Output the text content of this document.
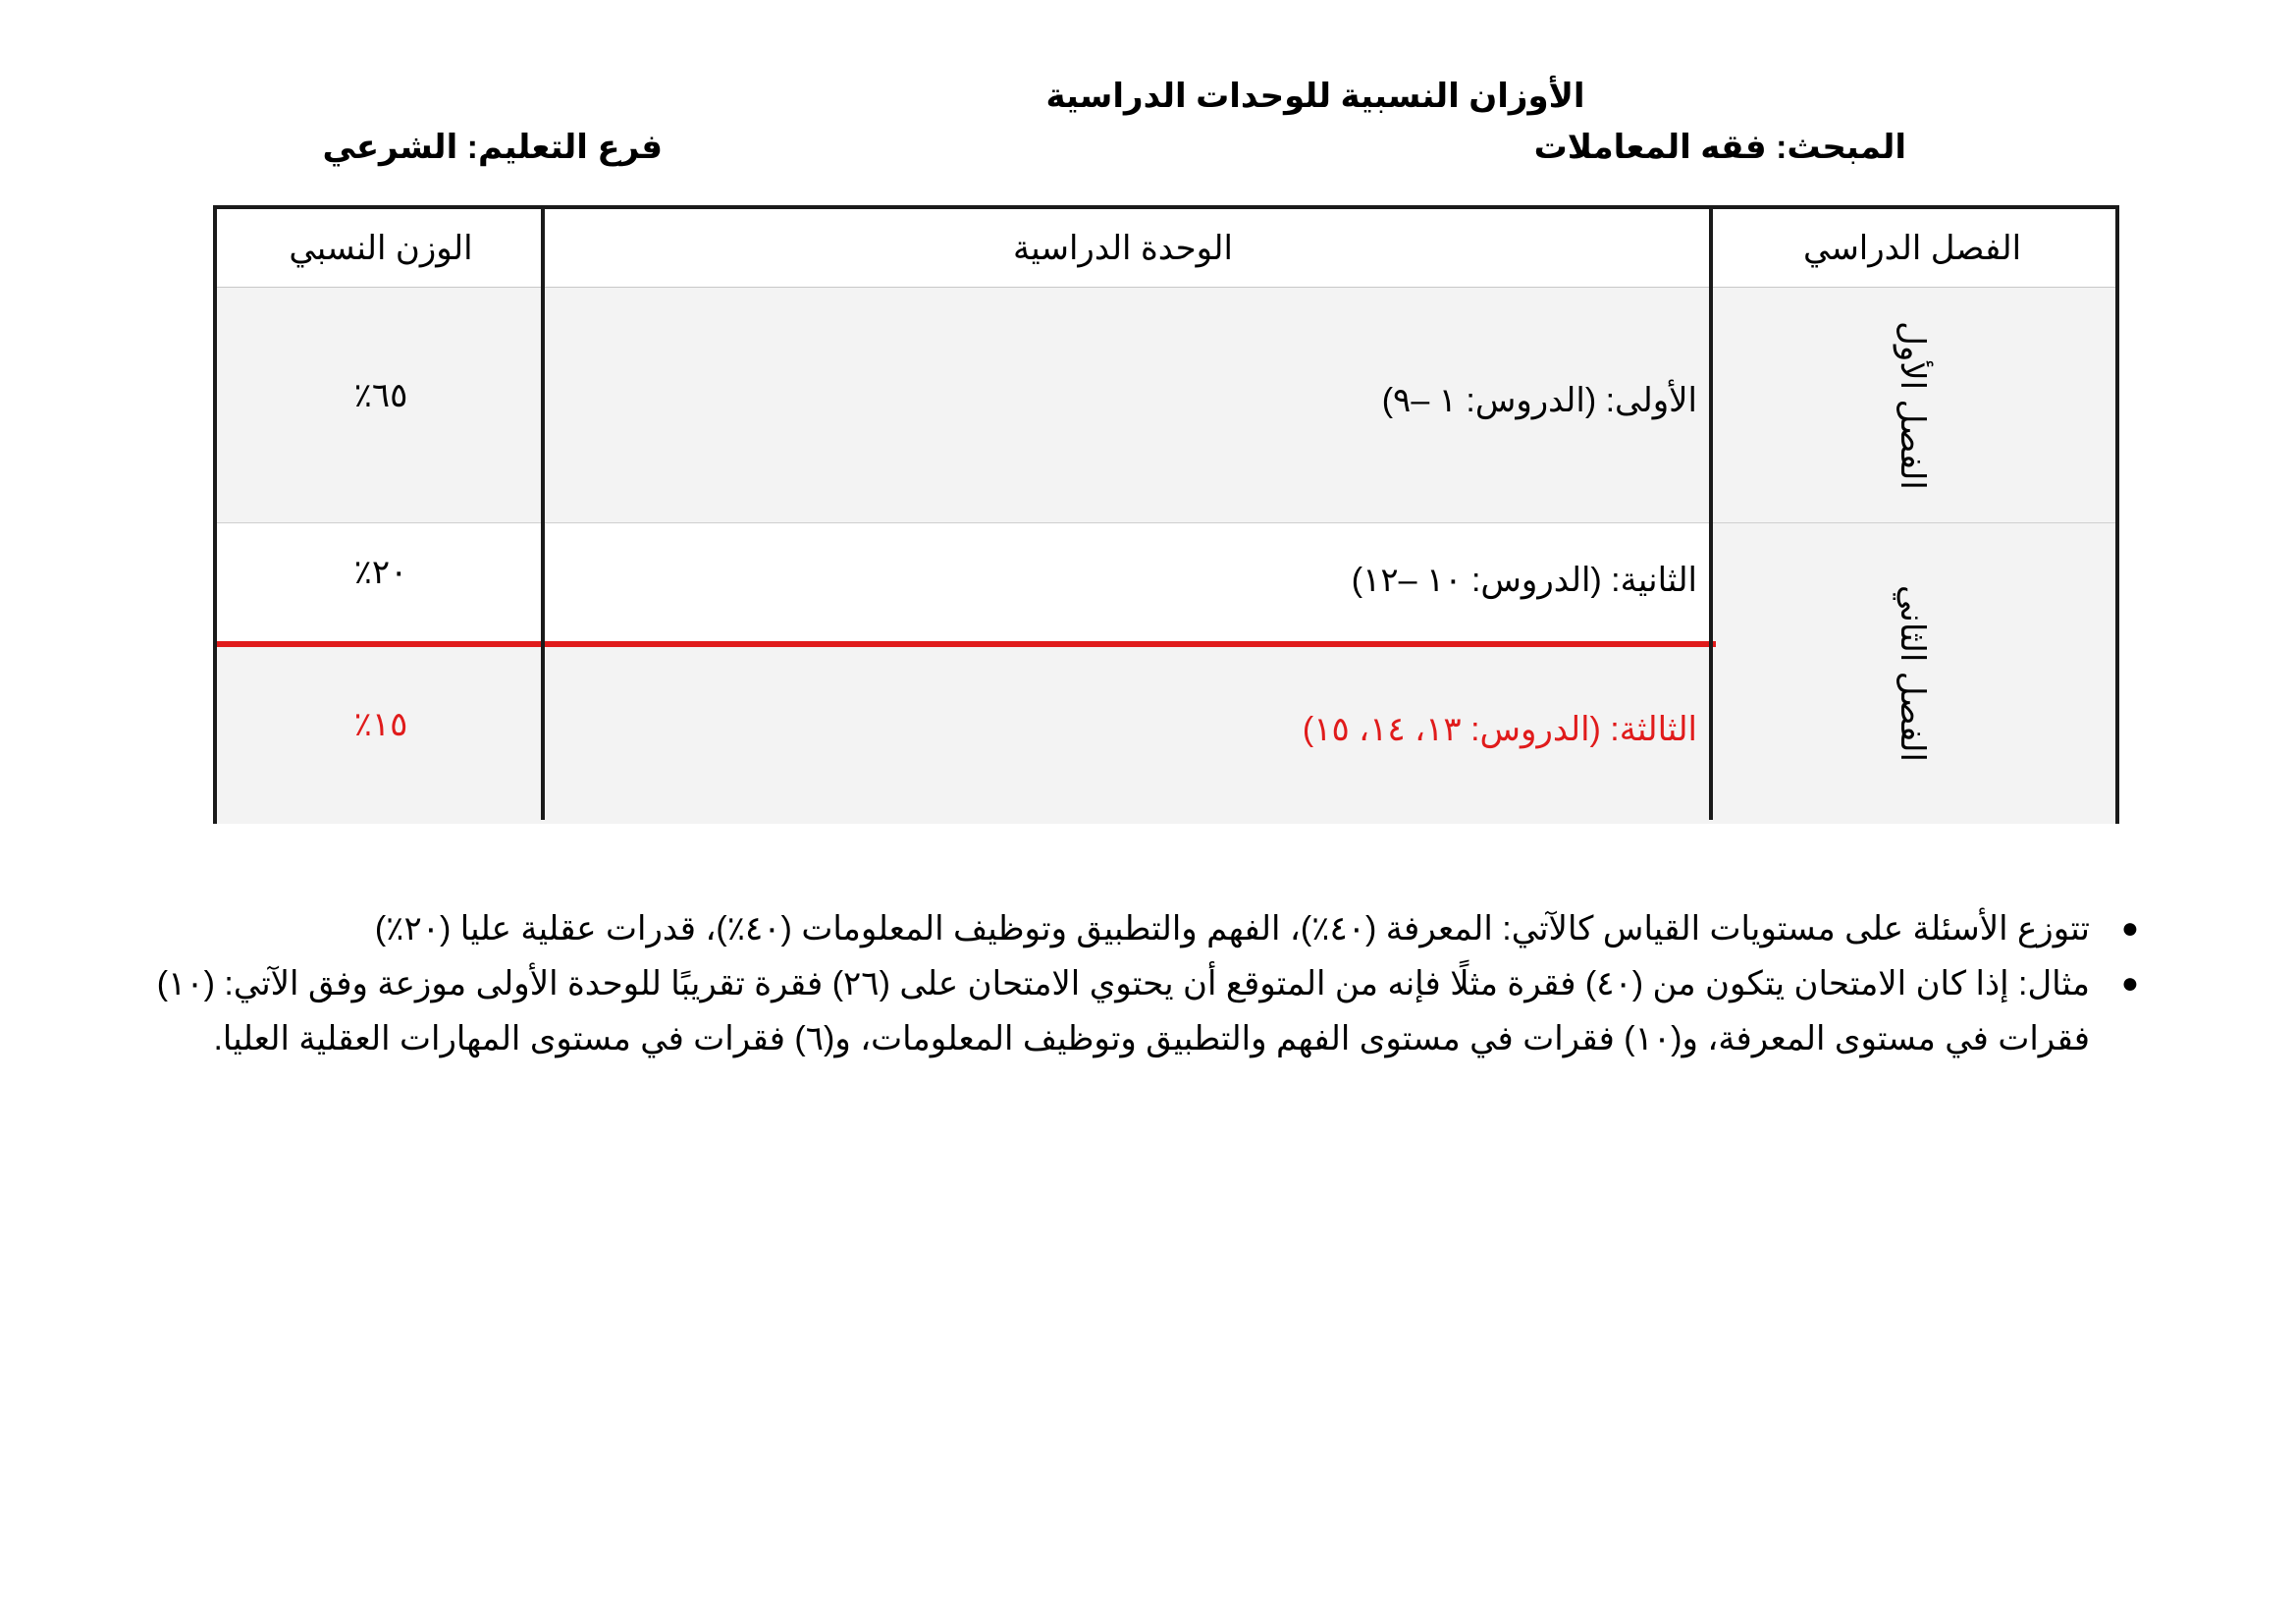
الأوزان النسبية للوحدات الدراسية
المبحث: فقه المعاملات
فرع التعليم: الشرعي
الفصل الأول
الفصل الثاني
الفصل الدراسي
الوحدة الدراسية
الوزن النسبي
الأولى: (الدروس: ١ –٩)
الثانية: (الدروس: ١٠ –١٢)
الثالثة: (الدروس: ١٣، ١٤، ١٥)
٦٥٪
٢٠٪
١٥٪
●
تتوزع الأسئلة على مستويات القياس كالآتي: المعرفة (٤٠٪)، الفهم والتطبيق وتوظيف المعلومات (٤٠٪)، قدرات عقلية عليا (٢٠٪)
●
مثال: إذا كان الامتحان يتكون من (٤٠) فقرة مثلًا فإنه من المتوقع أن يحتوي الامتحان على (٢٦) فقرة تقريبًا للوحدة الأولى موزعة وفق الآتي: (١٠) فقرات في مستوى المعرفة، و(١٠) فقرات في مستوى الفهم والتطبيق وتوظيف المعلومات، و(٦) فقرات في مستوى المهارات العقلية العليا.
